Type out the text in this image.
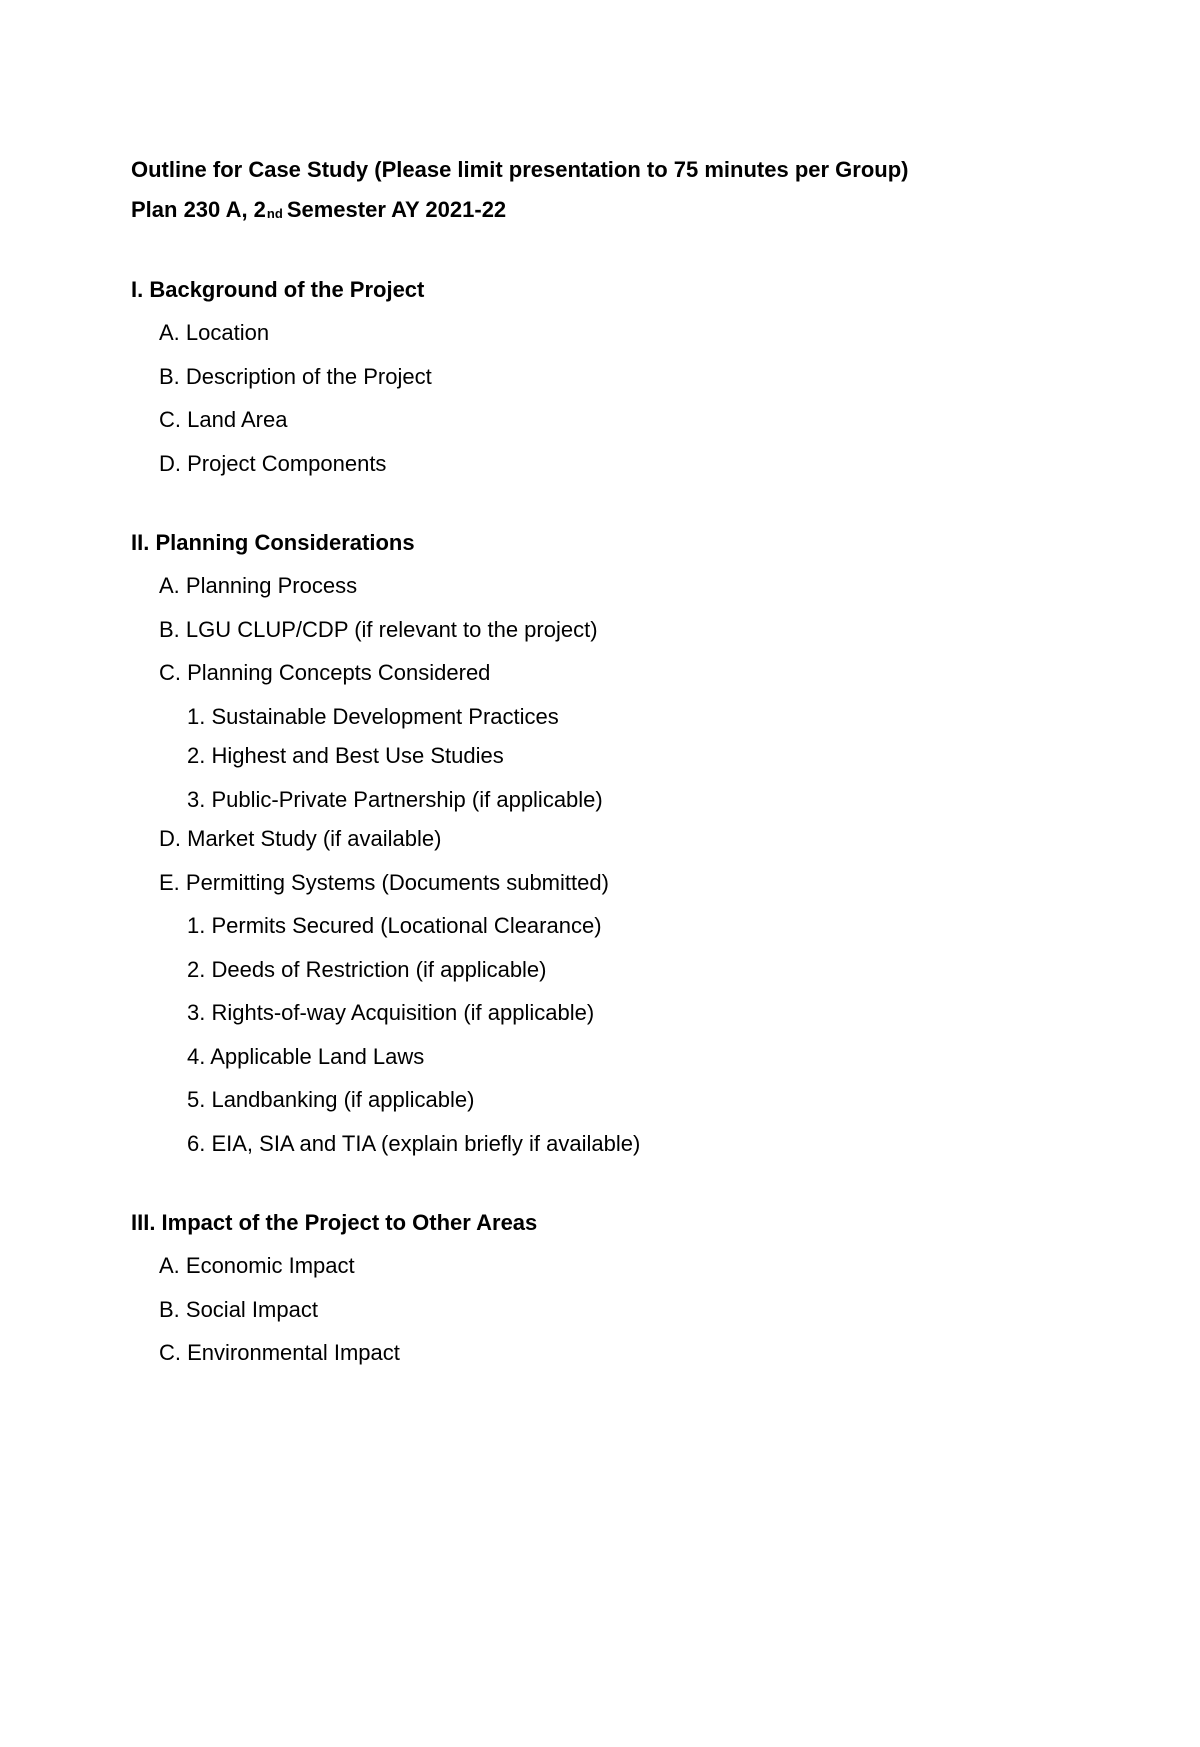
Outline for Case Study (Please limit presentation to 75 minutes per Group)
Plan 230 A, 2nd Semester AY 2021-22
I. Background of the Project
A. Location
B. Description of the Project
C. Land Area
D. Project Components
II. Planning Considerations
A. Planning Process
B. LGU CLUP/CDP (if relevant to the project)
C. Planning Concepts Considered
1. Sustainable Development Practices
2. Highest and Best Use Studies
3. Public-Private Partnership (if applicable)
D. Market Study (if available)
E. Permitting Systems (Documents submitted)
1. Permits Secured (Locational Clearance)
2. Deeds of Restriction (if applicable)
3. Rights-of-way Acquisition (if applicable)
4. Applicable Land Laws
5. Landbanking (if applicable)
6. EIA, SIA and TIA (explain briefly if available)
III. Impact of the Project to Other Areas
A. Economic Impact
B. Social Impact
C. Environmental Impact
